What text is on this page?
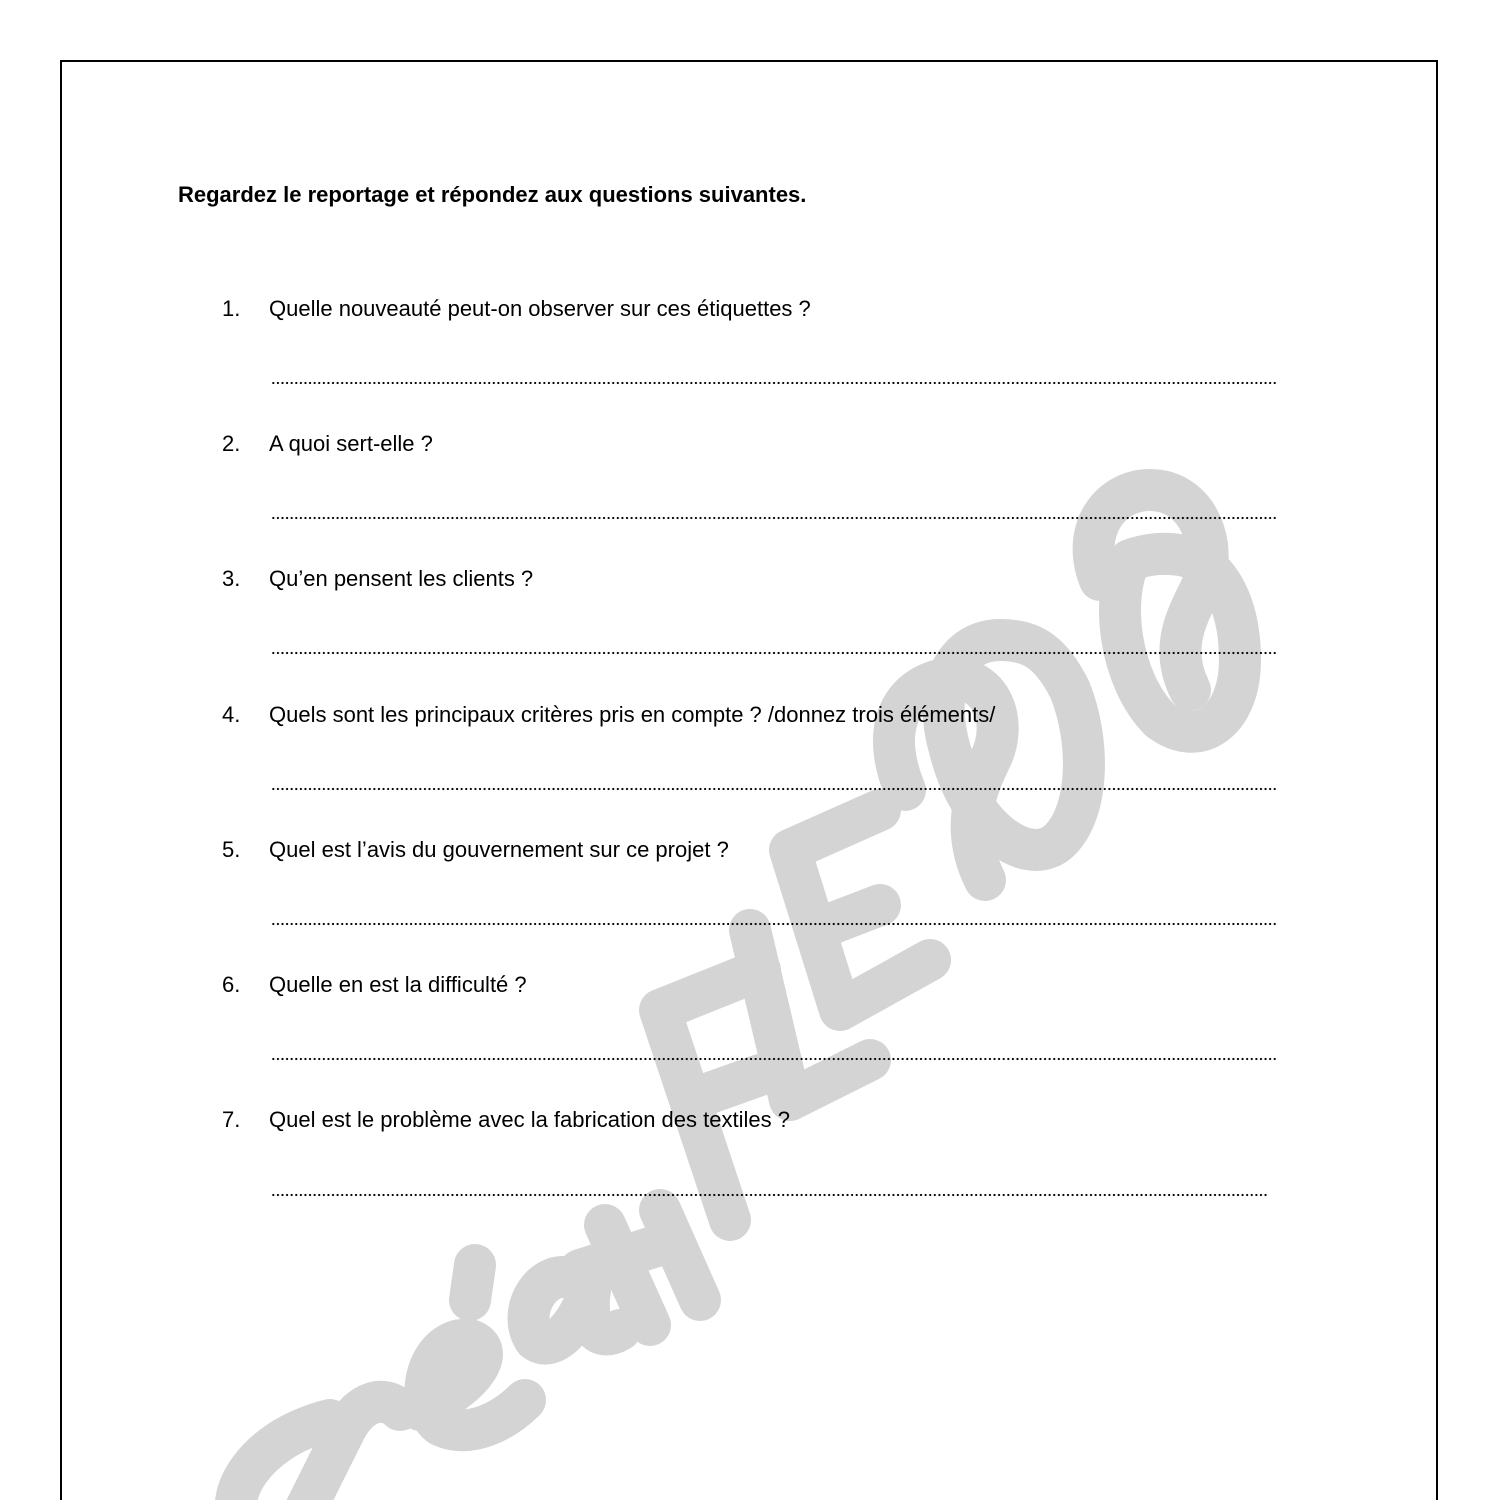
Regardez le reportage et répondez aux questions suivantes.
1. Quelle nouveauté peut-on observer sur ces étiquettes ?
2. A quoi sert-elle ?
3. Qu’en pensent les clients ?
4. Quels sont les principaux critères pris en compte ? /donnez trois éléments/
5. Quel est l’avis du gouvernement sur ce projet ?
6. Quelle en est la difficulté ?
7. Quel est le problème avec la fabrication des textiles ?
